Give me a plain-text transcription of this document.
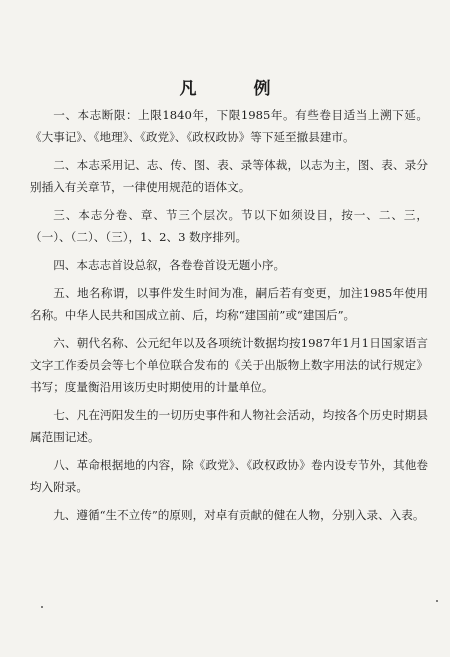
凡　例

一、本志断限：上限1840年，下限1985年。有些卷目适当上溯下延。《大事记》、《地理》、《政党》、《政权政协》等下延至撤县建市。

二、本志采用记、志、传、图、表、录等体裁，以志为主，图、表、录分别插入有关章节，一律使用规范的语体文。

三、本志分卷、章、节三个层次。节以下如须设目，按一、二、三，（一）、（二）、（三），1、2、3 数序排列。

四、本志志首设总叙，各卷卷首设无题小序。

五、地名称谓，以事件发生时间为准，嗣后若有变更，加注1985年使用名称。中华人民共和国成立前、后，均称“建国前”或“建国后”。

六、朝代名称、公元纪年以及各项统计数据均按1987年1月1日国家语言文字工作委员会等七个单位联合发布的《关于出版物上数字用法的试行规定》书写；度量衡沿用该历史时期使用的计量单位。

七、凡在沔阳发生的一切历史事件和人物社会活动，均按各个历史时期县属范围记述。

八、革命根据地的内容，除《政党》、《政权政协》卷内设专节外，其他卷均入附录。

九、遵循“生不立传”的原则，对卓有贡献的健在人物，分别入录、入表。
